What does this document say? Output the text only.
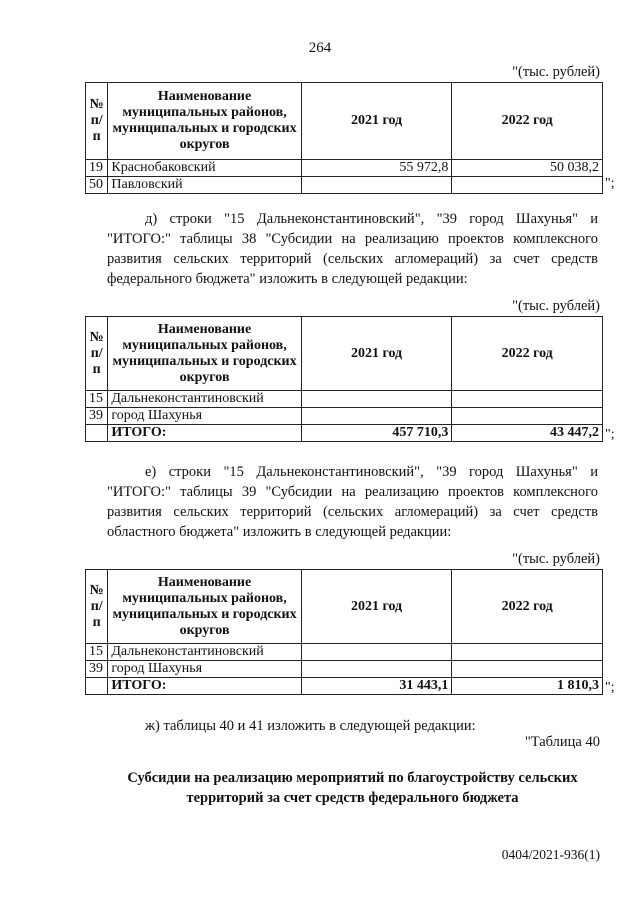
264
"(тыс. рублей)
№ п/п	Наименование муниципальных районов, муниципальных и городских округов	2021 год	2022 год
19	Краснобаковский	55 972,8	50 038,2
50	Павловский			";
д) строки "15 Дальнеконстантиновский", "39 город Шахунья" и "ИТОГО:" таблицы 38 "Субсидии на реализацию проектов комплексного развития сельских территорий (сельских агломераций) за счет средств федерального бюджета" изложить в следующей редакции:
"(тыс. рублей)
№ п/п	Наименование муниципальных районов, муниципальных и городских округов	2021 год	2022 год
15	Дальнеконстантиновский		
39	город Шахунья		
	ИТОГО:	457 710,3	43 447,2 ";
е) строки "15 Дальнеконстантиновский", "39 город Шахунья" и "ИТОГО:" таблицы 39 "Субсидии на реализацию проектов комплексного развития сельских территорий (сельских агломераций) за счет средств областного бюджета" изложить в следующей редакции:
"(тыс. рублей)
№ п/п	Наименование муниципальных районов, муниципальных и городских округов	2021 год	2022 год
15	Дальнеконстантиновский		
39	город Шахунья		
	ИТОГО:	31 443,1	1 810,3 ";
ж) таблицы 40 и 41 изложить в следующей редакции:
"Таблица 40
Субсидии на реализацию мероприятий по благоустройству сельских территорий за счет средств федерального бюджета
0404/2021-936(1)
